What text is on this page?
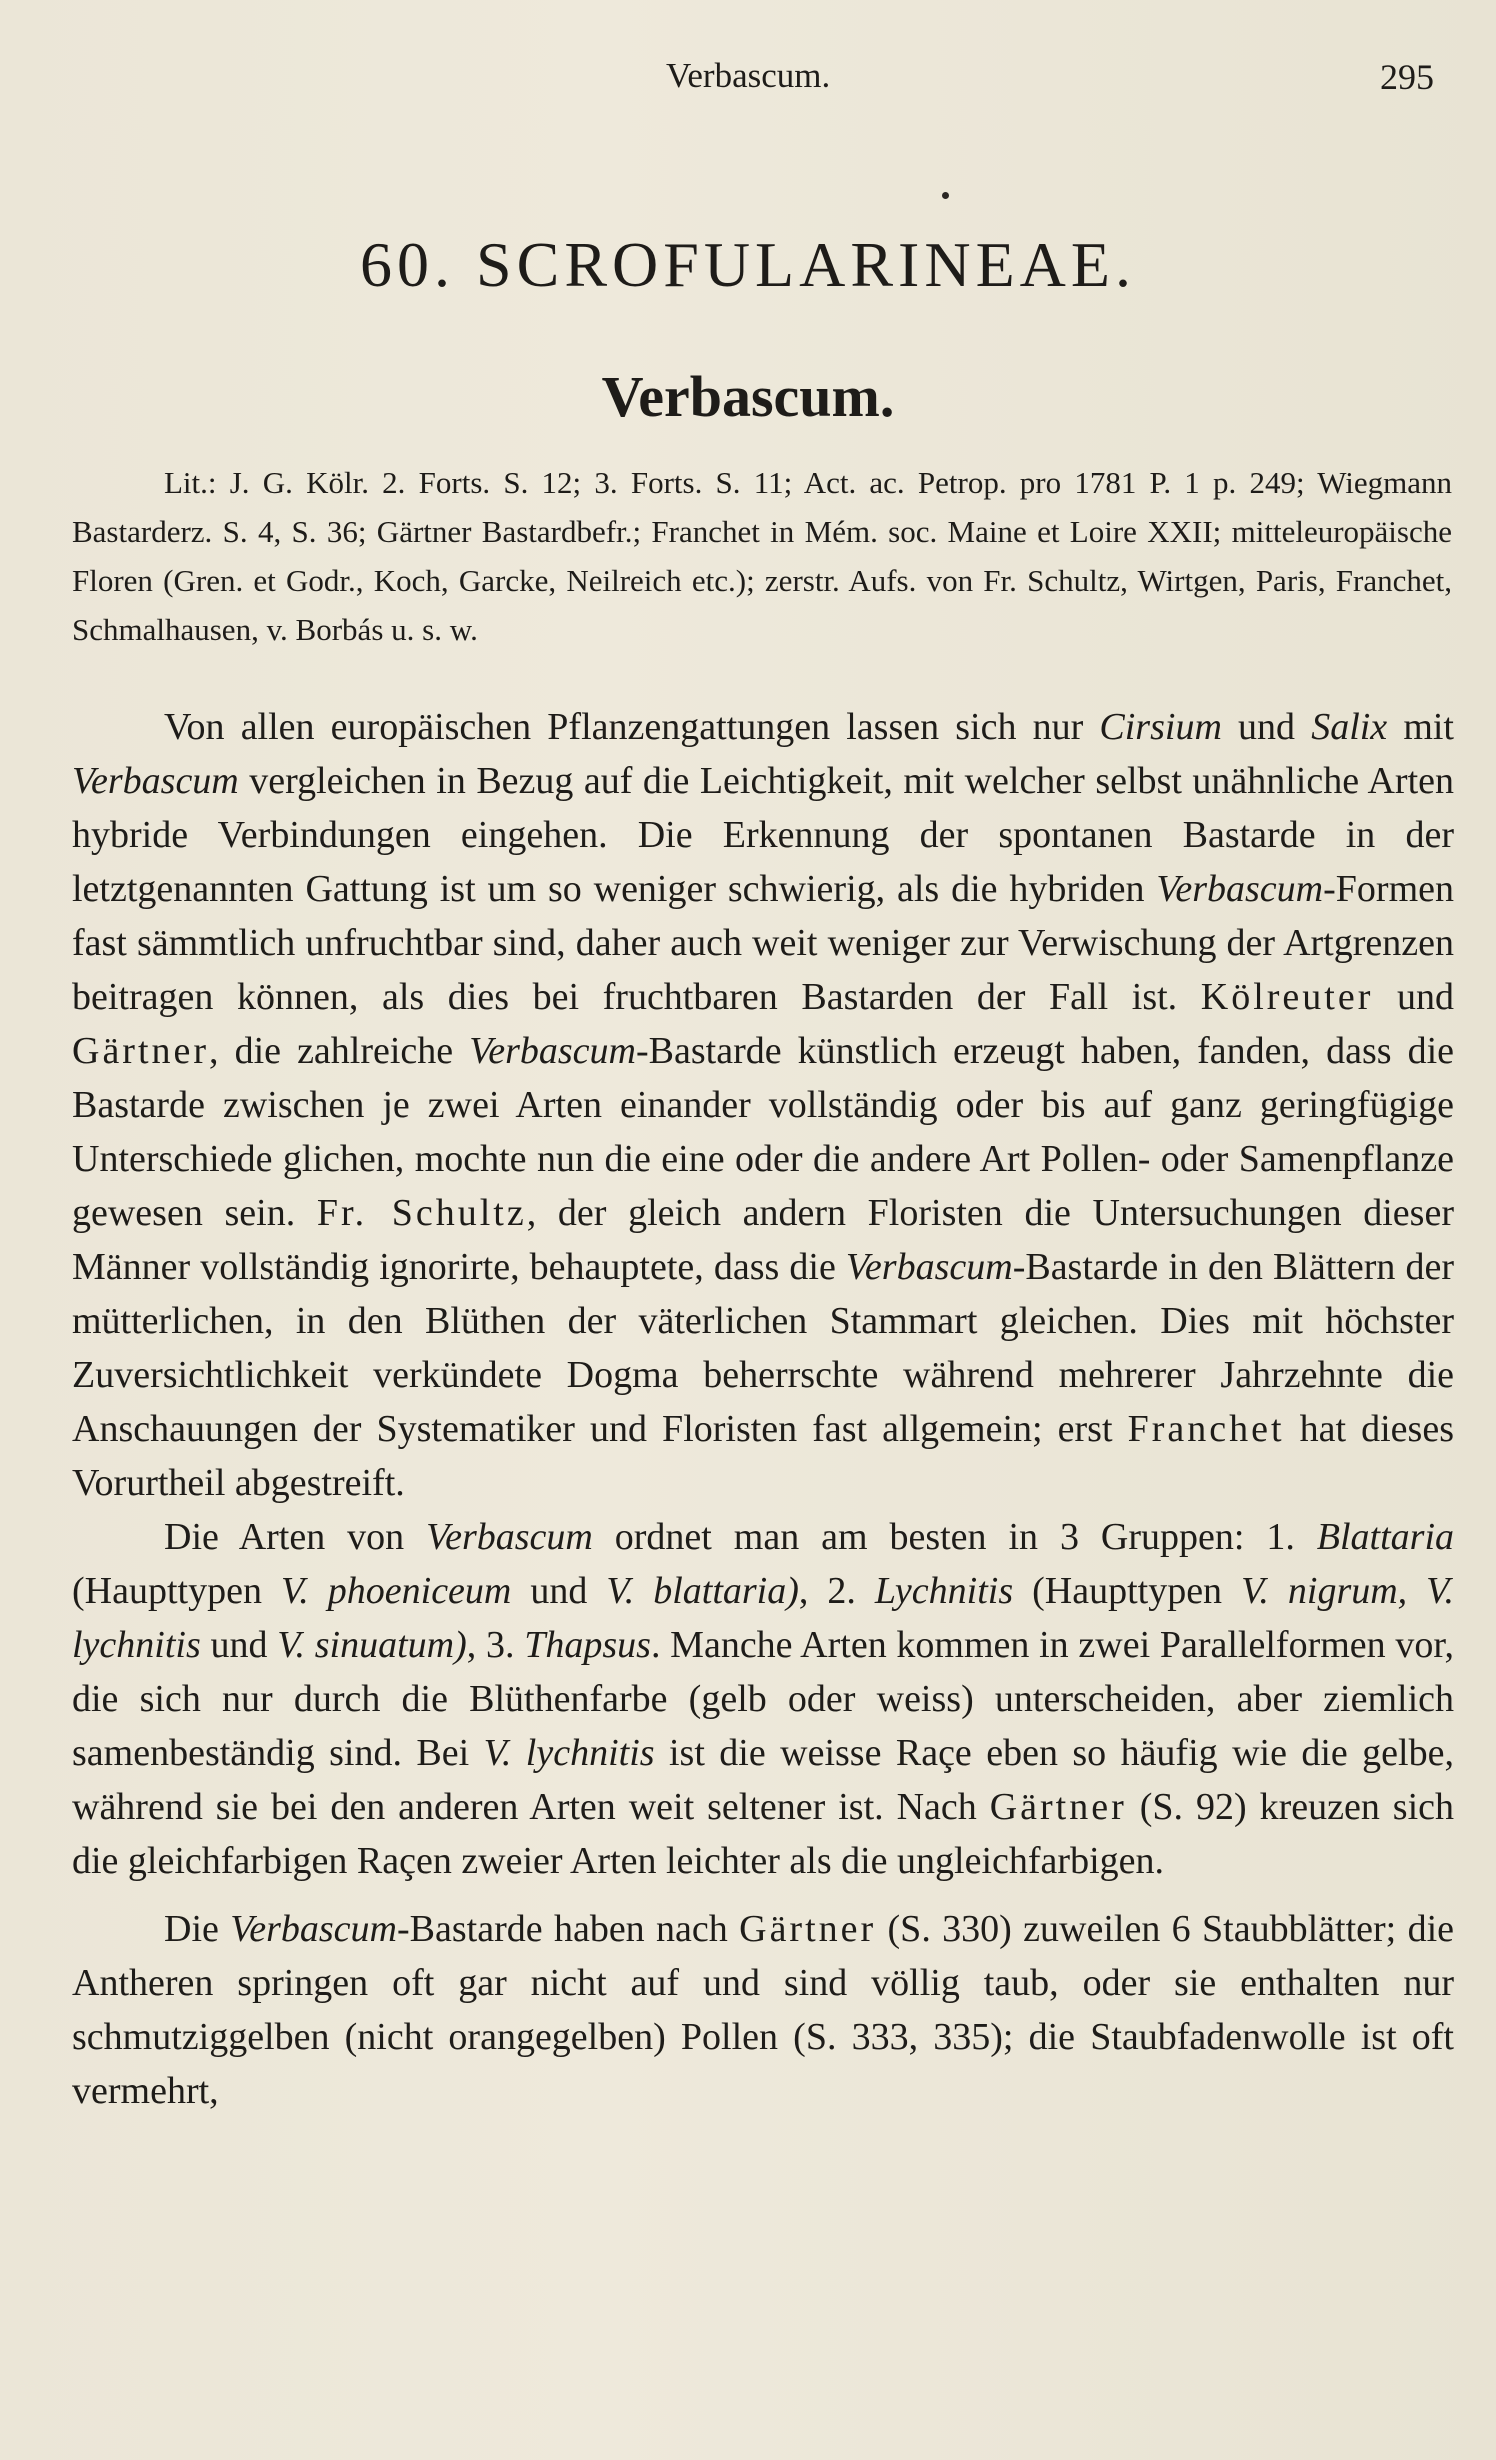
Verbascum.	295
60. SCROFULARINEAE.
Verbascum.

Lit.: J. G. Kölr. 2. Forts. S. 12; 3. Forts. S. 11; Act. ac. Petrop. pro 1781 P. 1 p. 249; Wiegmann Bastarderz. S. 4, S. 36; Gärtner Bastardbefr.; Franchet in Mém. soc. Maine et Loire XXII; mitteleuropäische Floren (Gren. et Godr., Koch, Garcke, Neilreich etc.); zerstr. Aufs. von Fr. Schultz, Wirtgen, Paris, Franchet, Schmalhausen, v. Borbás u. s. w.

Von allen europäischen Pflanzengattungen lassen sich nur Cirsium und Salix mit Verbascum vergleichen in Bezug auf die Leichtigkeit, mit welcher selbst unähnliche Arten hybride Verbindungen eingehen. Die Erkennung der spontanen Bastarde in der letztgenannten Gattung ist um so weniger schwierig, als die hybriden Verbascum-Formen fast sämmtlich unfruchtbar sind, daher auch weit weniger zur Verwischung der Artgrenzen beitragen können, als dies bei fruchtbaren Bastarden der Fall ist. Kölreuter und Gärtner, die zahlreiche Verbascum-Bastarde künstlich erzeugt haben, fanden, dass die Bastarde zwischen je zwei Arten einander vollständig oder bis auf ganz geringfügige Unterschiede glichen, mochte nun die eine oder die andere Art Pollen- oder Samenpflanze gewesen sein. Fr. Schultz, der gleich andern Floristen die Untersuchungen dieser Männer vollständig ignorirte, behauptete, dass die Verbascum-Bastarde in den Blättern der mütterlichen, in den Blüthen der väterlichen Stammart gleichen. Dies mit höchster Zuversichtlichkeit verkündete Dogma beherrschte während mehrerer Jahrzehnte die Anschauungen der Systematiker und Floristen fast allgemein; erst Franchet hat dieses Vorurtheil abgestreift.

Die Arten von Verbascum ordnet man am besten in 3 Gruppen: 1. Blattaria (Haupttypen V. phoeniceum und V. blattaria), 2. Lychnitis (Haupttypen V. nigrum, V. lychnitis und V. sinuatum), 3. Thapsus. Manche Arten kommen in zwei Parallelformen vor, die sich nur durch die Blüthenfarbe (gelb oder weiss) unterscheiden, aber ziemlich samenbeständig sind. Bei V. lychnitis ist die weisse Raçe eben so häufig wie die gelbe, während sie bei den anderen Arten weit seltener ist. Nach Gärtner (S. 92) kreuzen sich die gleichfarbigen Raçen zweier Arten leichter als die ungleichfarbigen.

Die Verbascum-Bastarde haben nach Gärtner (S. 330) zuweilen 6 Staubblätter; die Antheren springen oft gar nicht auf und sind völlig taub, oder sie enthalten nur schmutziggelben (nicht orangegelben) Pollen (S. 333, 335); die Staubfadenwolle ist oft vermehrt,
